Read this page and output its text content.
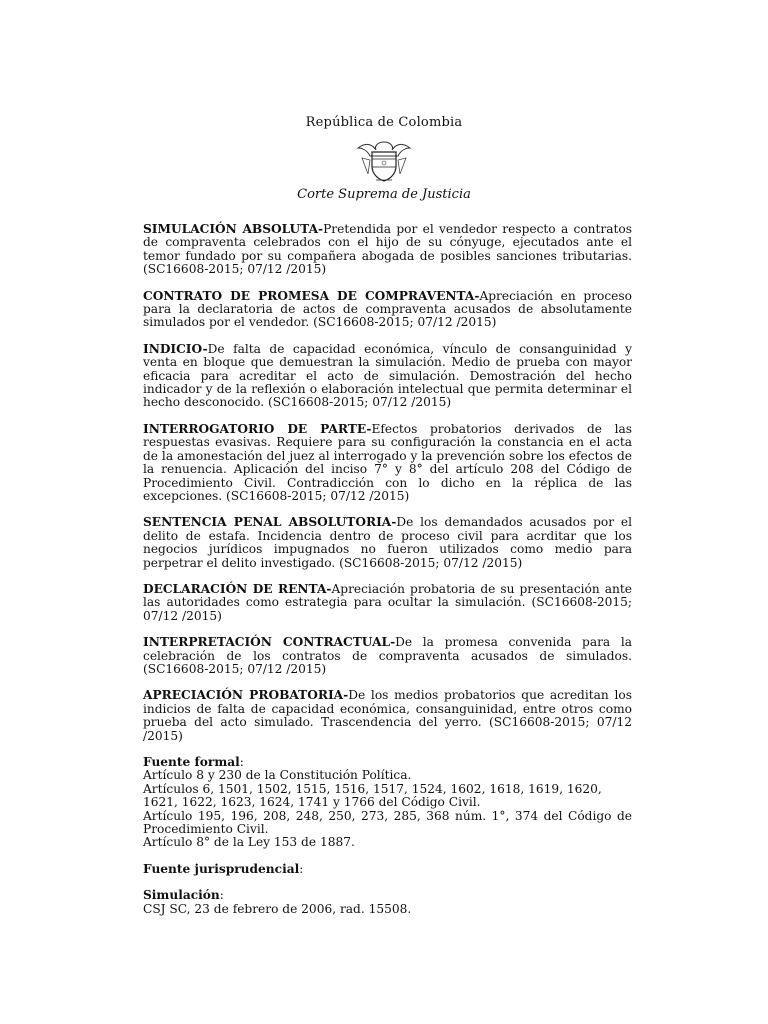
República de Colombia
Corte Suprema de Justicia

SIMULACIÓN ABSOLUTA-Pretendida por el vendedor respecto a contratos de compraventa celebrados con el hijo de su cónyuge, ejecutados ante el temor fundado por su compañera abogada de posibles sanciones tributarias. (SC16608-2015; 07/12 /2015)

CONTRATO DE PROMESA DE COMPRAVENTA-Apreciación en proceso para la declaratoria de actos de compraventa acusados de absolutamente simulados por el vendedor. (SC16608-2015; 07/12 /2015)

INDICIO-De falta de capacidad económica, vínculo de consanguinidad y venta en bloque que demuestran la simulación. Medio de prueba con mayor eficacia para acreditar el acto de simulación. Demostración del hecho indicador y de la reflexión o elaboración intelectual que permita determinar el hecho desconocido. (SC16608-2015; 07/12 /2015)

INTERROGATORIO DE PARTE-Efectos probatorios derivados de las respuestas evasivas. Requiere para su configuración la constancia en el acta de la amonestación del juez al interrogado y la prevención sobre los efectos de la renuencia. Aplicación del inciso 7° y 8° del artículo 208 del Código de Procedimiento Civil. Contradicción con lo dicho en la réplica de las excepciones. (SC16608-2015; 07/12 /2015)

SENTENCIA PENAL ABSOLUTORIA-De los demandados acusados por el delito de estafa. Incidencia dentro de proceso civil para acrditar que los negocios jurídicos impugnados no fueron utilizados como medio para perpetrar el delito investigado. (SC16608-2015; 07/12 /2015)

DECLARACIÓN DE RENTA-Apreciación probatoria de su presentación ante las autoridades como estrategia para ocultar la simulación. (SC16608-2015; 07/12 /2015)

INTERPRETACIÓN CONTRACTUAL-De la promesa convenida para la celebración de los contratos de compraventa acusados de simulados. (SC16608-2015; 07/12 /2015)

APRECIACIÓN PROBATORIA-De los medios probatorios que acreditan los indicios de falta de capacidad económica, consanguinidad, entre otros como prueba del acto simulado. Trascendencia del yerro. (SC16608-2015; 07/12 /2015)

Fuente formal:

Artículo 8 y 230 de la Constitución Política.
Artículos 6, 1501, 1502, 1515, 1516, 1517, 1524, 1602, 1618, 1619, 1620, 1621, 1622, 1623, 1624, 1741 y 1766 del Código Civil.
Artículo 195, 196, 208, 248, 250, 273, 285, 368 núm. 1°, 374 del Código de Procedimiento Civil.
Artículo 8° de la Ley 153 de 1887.

Fuente jurisprudencial:

Simulación:

CSJ SC, 23 de febrero de 2006, rad. 15508.
